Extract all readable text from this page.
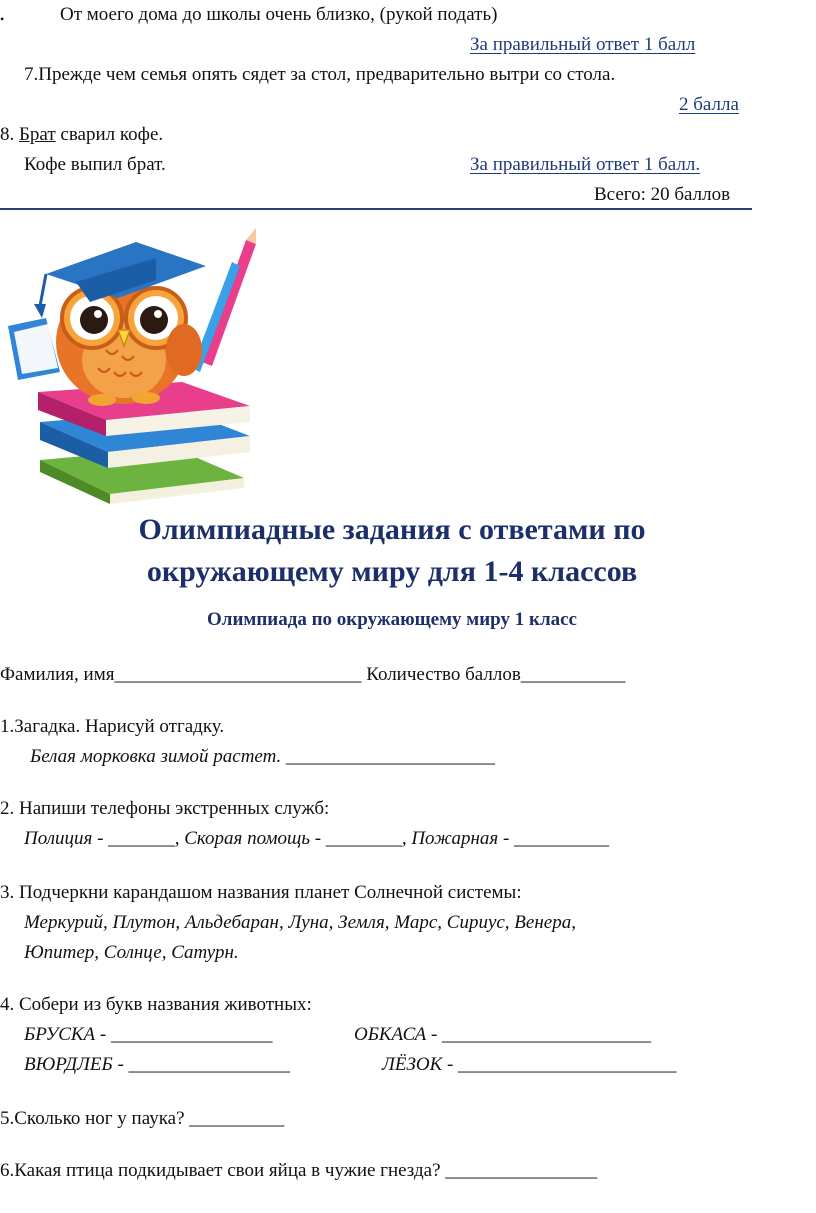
•	От моего дома до школы очень близко, (рукой подать)
За правильный ответ 1 балл
7.Прежде чем семья опять сядет за стол, предварительно вытри со стола.
2 балла
8. Брат сварил кофе.
Кофе выпил брат.	За правильный ответ 1 балл.
Всего: 20 баллов
Олимпиадные задания с ответами по
окружающему миру для 1-4 классов
Олимпиада по окружающему миру 1 класс
Фамилия, имя__________________________ Количество баллов___________
1.Загадка. Нарисуй отгадку.
Белая морковка зимой растет. ______________________
2. Напиши телефоны экстренных служб:
Полиция - _______, Скорая помощь - ________, Пожарная - __________
3. Подчеркни карандашом названия планет Солнечной системы:
Меркурий, Плутон, Альдебаран, Луна, Земля, Марс, Сириус, Венера,
Юпитер, Солнце, Сатурн.
4. Собери из букв названия животных:
БРУСКА - _________________	ОБКАСА - ______________________
ВЮРДЛЕБ - _________________	ЛЁЗОК - _______________________
5.Сколько ног у паука? __________
6.Какая птица подкидывает свои яйца в чужие гнезда? ________________
